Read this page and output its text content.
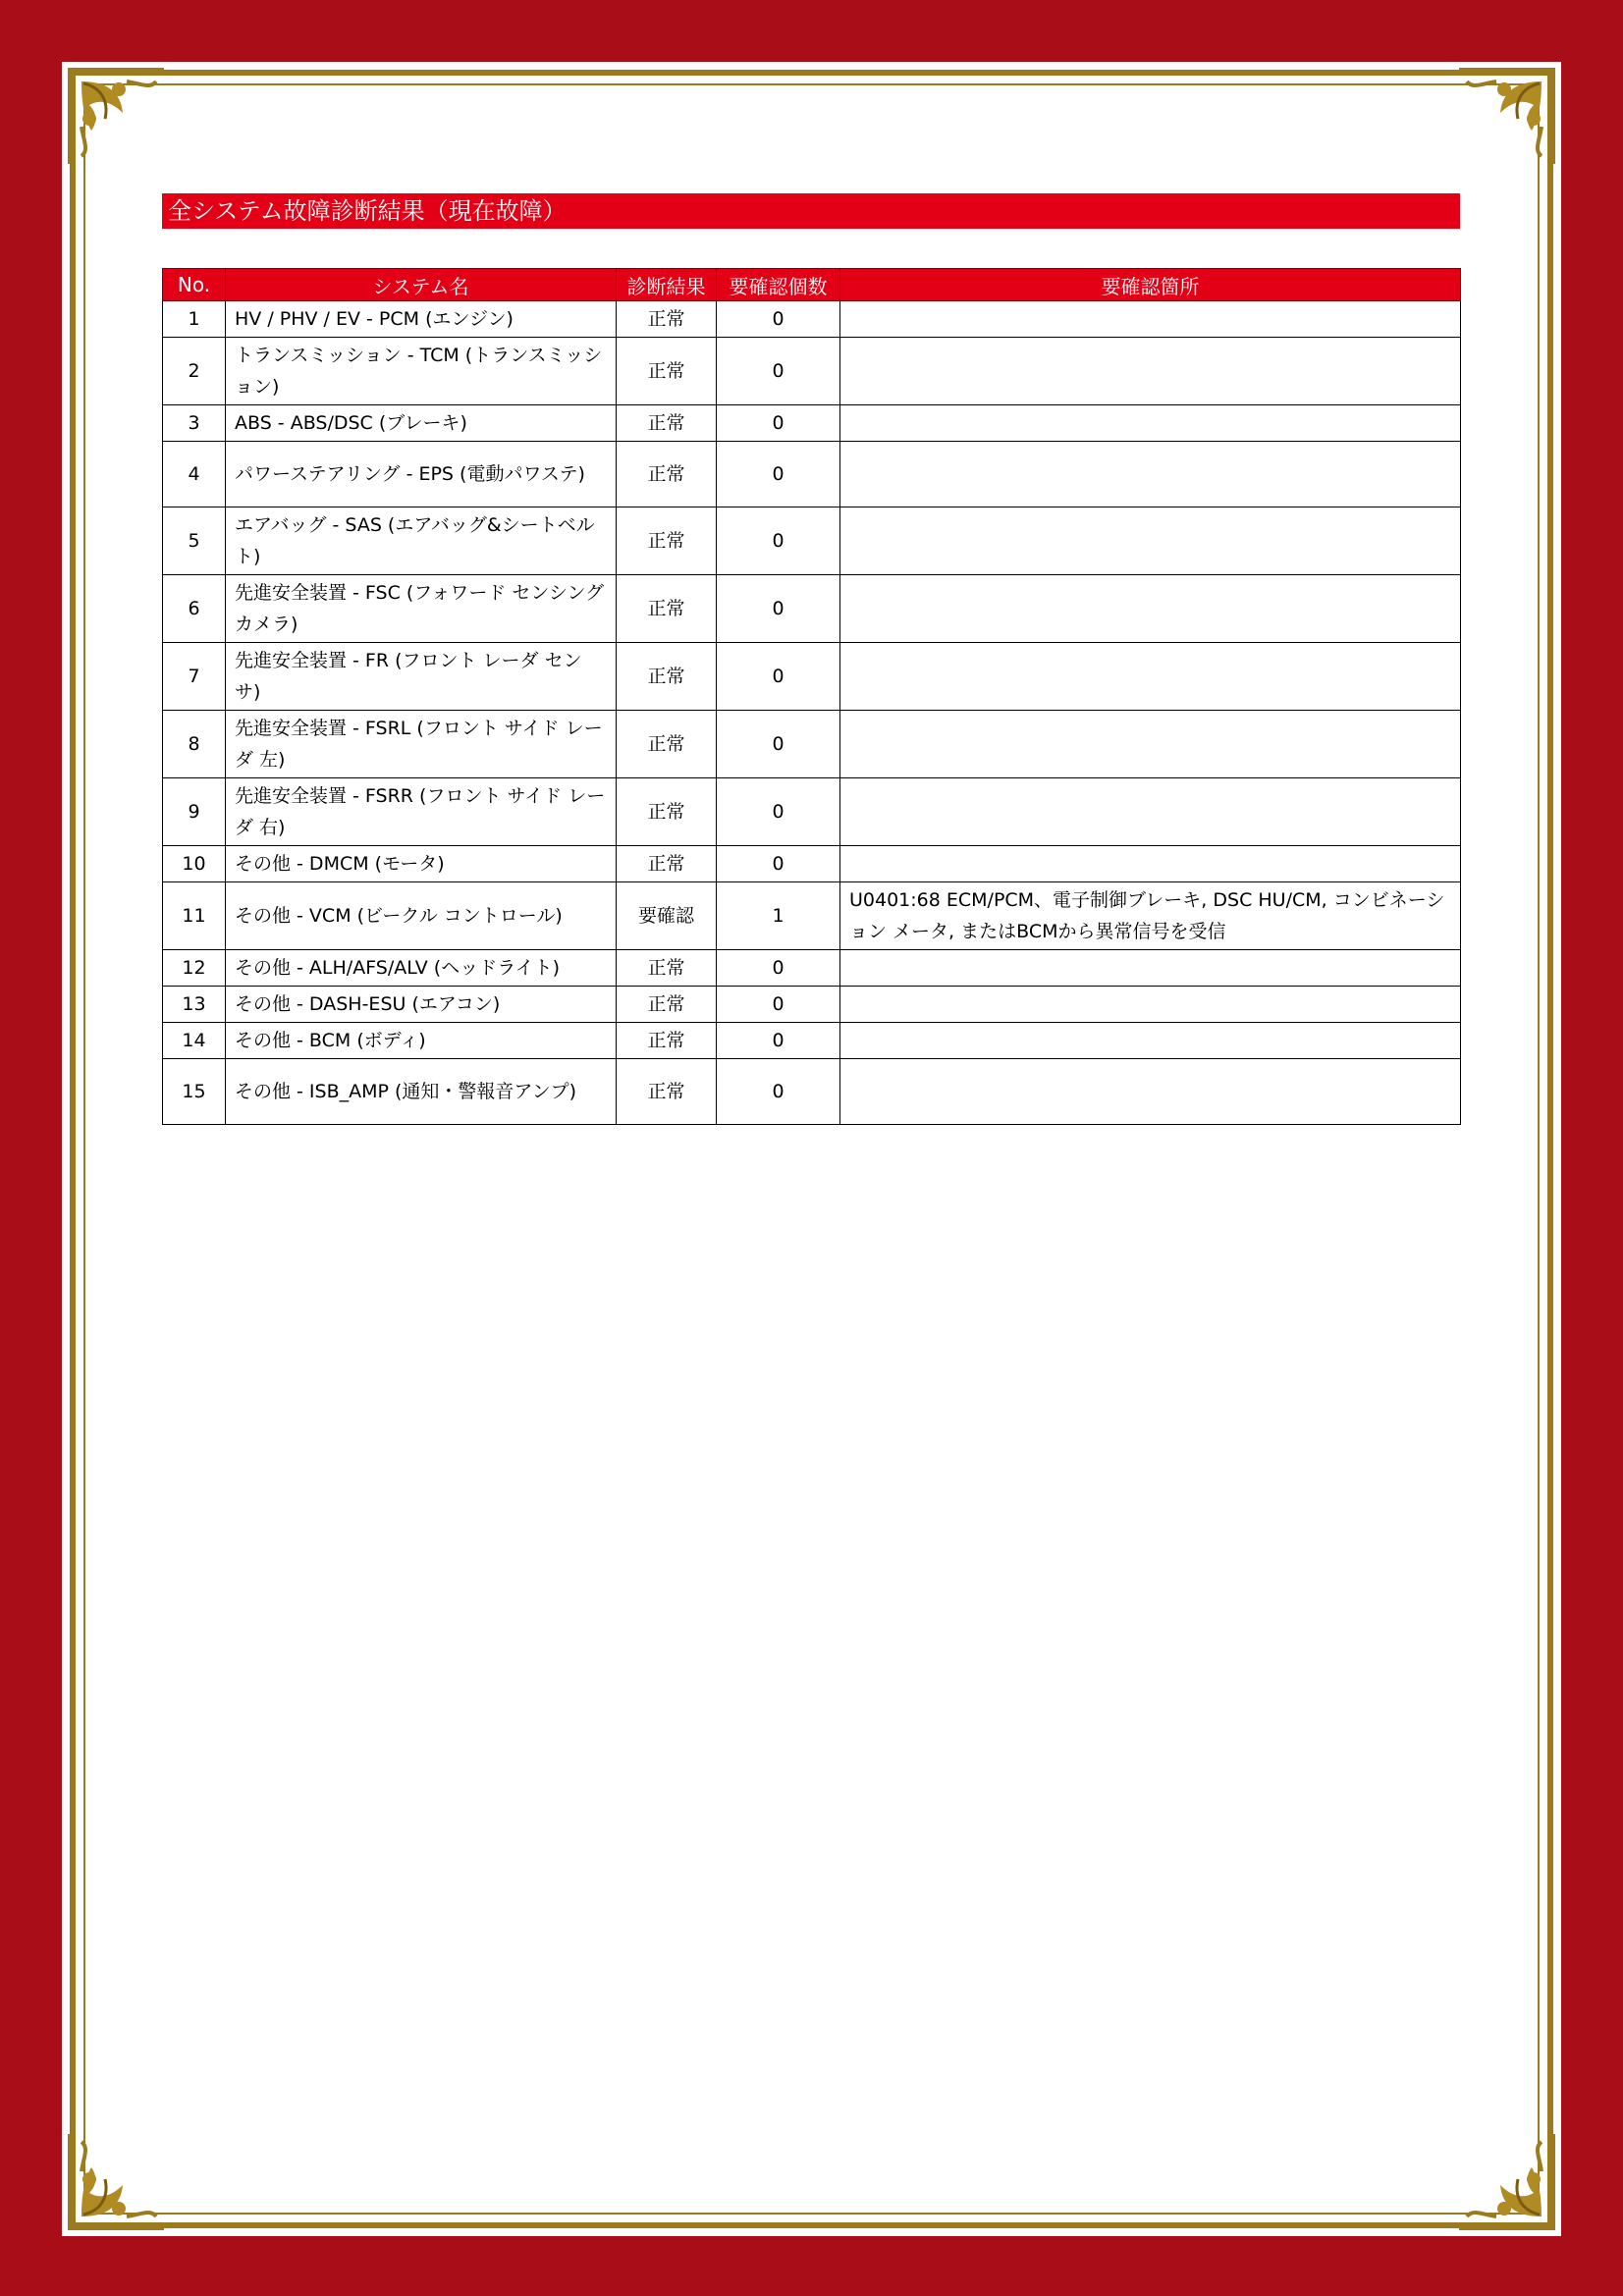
全システム故障診断結果（現在故障）
No.	システム名	診断結果	要確認個数	要確認箇所
1	HV / PHV / EV - PCM (エンジン)	正常	0	
2	トランスミッション - TCM (トランスミッション)	正常	0	
3	ABS - ABS/DSC (ブレーキ)	正常	0	
4	パワーステアリング - EPS (電動パワステ)	正常	0	
5	エアバッグ - SAS (エアバッグ&シートベルト)	正常	0	
6	先進安全装置 - FSC (フォワード センシング カメラ)	正常	0	
7	先進安全装置 - FR (フロント レーダ センサ)	正常	0	
8	先進安全装置 - FSRL (フロント サイド レーダ 左)	正常	0	
9	先進安全装置 - FSRR (フロント サイド レーダ 右)	正常	0	
10	その他 - DMCM (モータ)	正常	0	
11	その他 - VCM (ビークル コントロール)	要確認	1	U0401:68 ECM/PCM、電子制御ブレーキ, DSC HU/CM, コンビネーション メータ, またはBCMから異常信号を受信
12	その他 - ALH/AFS/ALV (ヘッドライト)	正常	0	
13	その他 - DASH-ESU (エアコン)	正常	0	
14	その他 - BCM (ボディ)	正常	0	
15	その他 - ISB_AMP (通知・警報音アンプ)	正常	0	
